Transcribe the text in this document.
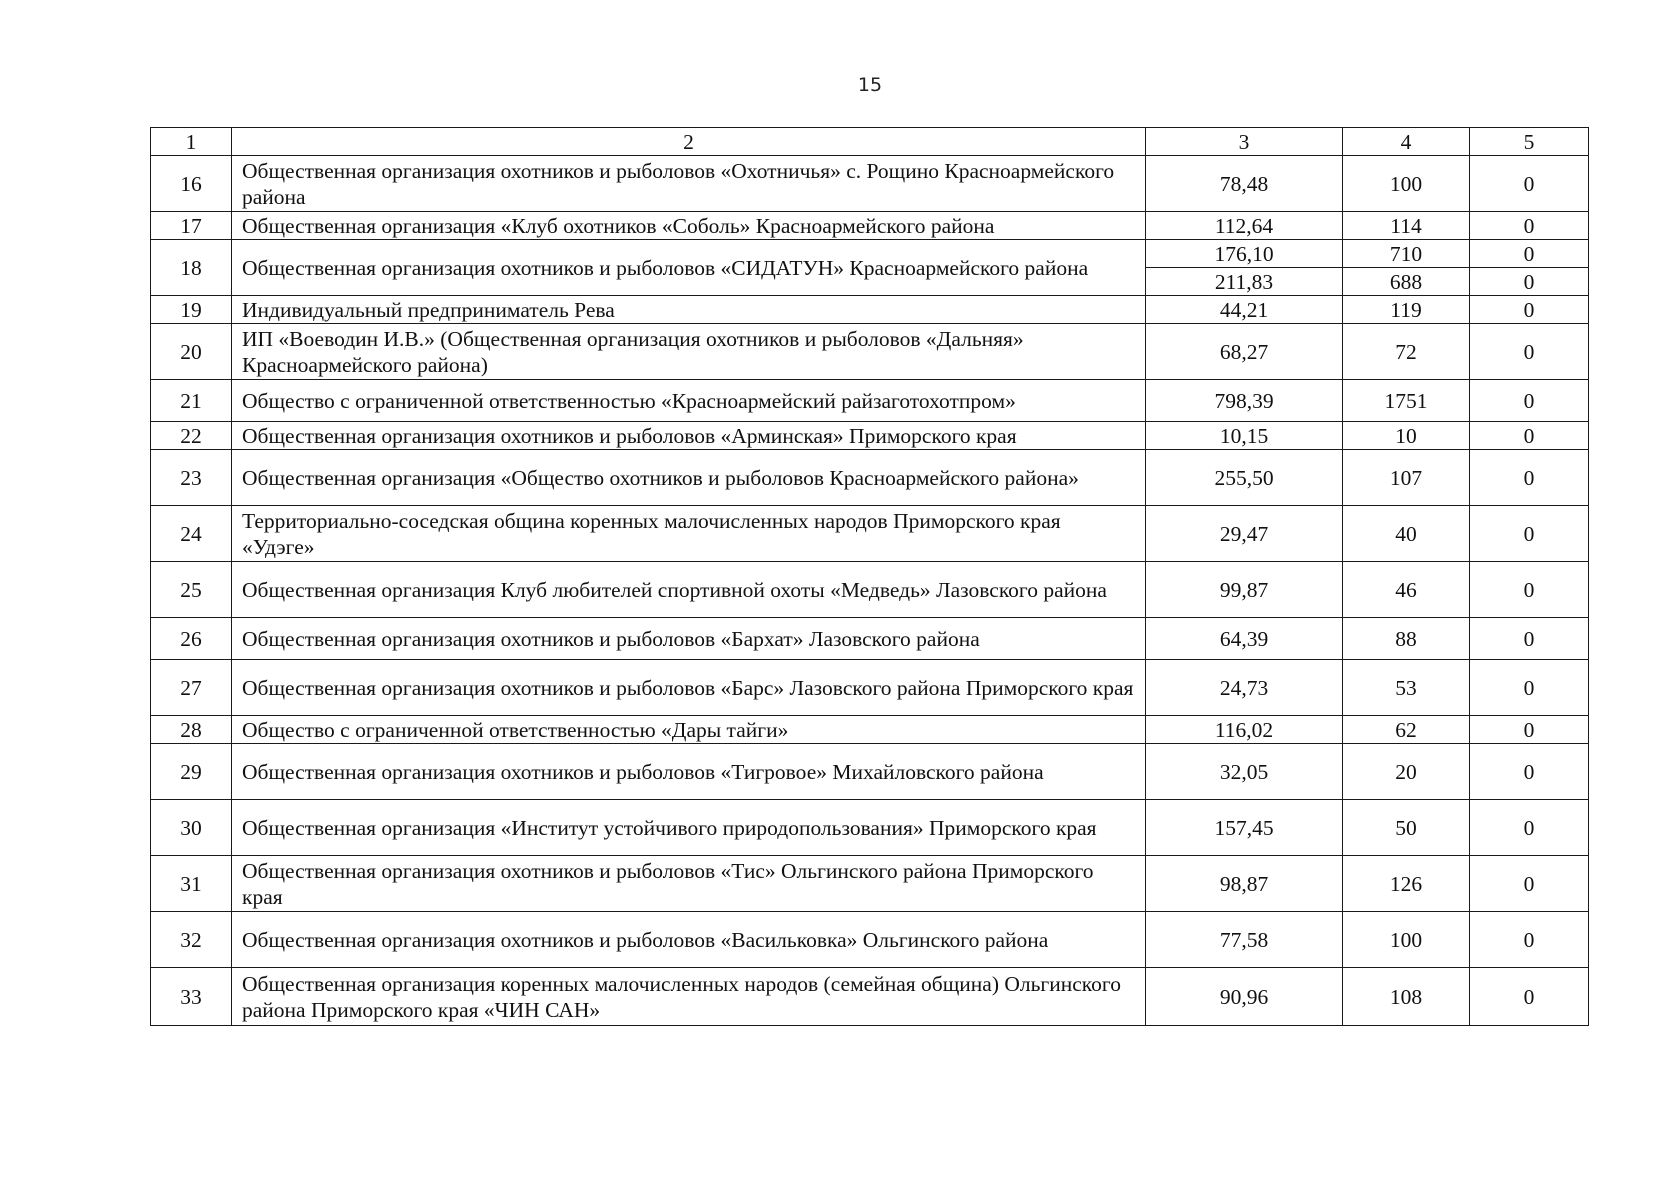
15
1	2	3	4	5
16	Общественная организация охотников и рыболовов «Охотничья» с. Рощино Красноармейского района	78,48	100	0
17	Общественная организация «Клуб охотников «Соболь» Красноармейского района	112,64	114	0
18	Общественная организация охотников и рыболовов «СИДАТУН» Красноармейского района	176,10	710	0
		211,83	688	0
19	Индивидуальный предприниматель Рева	44,21	119	0
20	ИП «Воеводин И.В.» (Общественная организация охотников и рыболовов «Дальняя» Красноармейского района)	68,27	72	0
21	Общество с ограниченной ответственностью «Красноармейский райзаготохотпром»	798,39	1751	0
22	Общественная организация охотников и рыболовов «Арминская» Приморского края	10,15	10	0
23	Общественная организация «Общество охотников и рыболовов Красноармейского района»	255,50	107	0
24	Территориально-соседская община коренных малочисленных народов Приморского края «Удэге»	29,47	40	0
25	Общественная организация Клуб любителей спортивной охоты «Медведь» Лазовского района	99,87	46	0
26	Общественная организация охотников и рыболовов «Бархат» Лазовского района	64,39	88	0
27	Общественная организация охотников и рыболовов «Барс» Лазовского района Приморского края	24,73	53	0
28	Общество с ограниченной ответственностью «Дары тайги»	116,02	62	0
29	Общественная организация охотников и рыболовов «Тигровое» Михайловского района	32,05	20	0
30	Общественная организация «Институт устойчивого природопользования» Приморского края	157,45	50	0
31	Общественная организация охотников и рыболовов «Тис» Ольгинского района Приморского края	98,87	126	0
32	Общественная организация охотников и рыболовов «Васильковка» Ольгинского района	77,58	100	0
33	Общественная организация коренных малочисленных народов (семейная община) Ольгинского района Приморского края «ЧИН САН»	90,96	108	0
